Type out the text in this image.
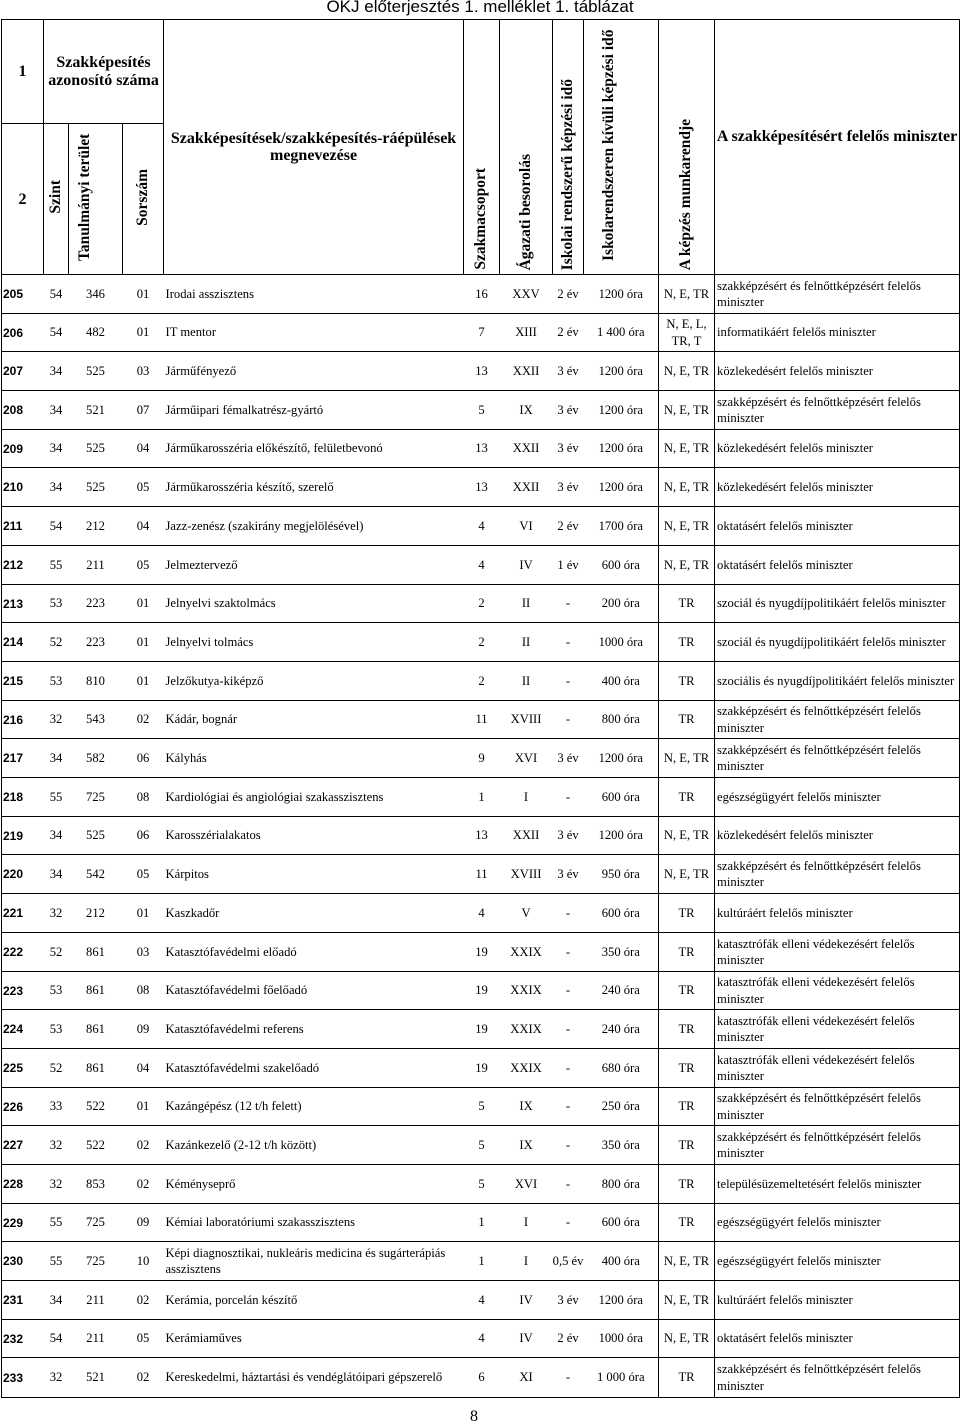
OKJ előterjesztés 1. melléklet 1. táblázat
1	Szakképesítés azonosító száma			Szakképesítések/szakképesítés-ráépülések megnevezése	Szakmacsoport	Ágazati besorolás	Iskolai rendszerű képzési idő	Iskolarendszeren kívüli képzési idő	A képzés munkarendje	A szakképesítésért felelős miniszter
2	Szint	Tanulmányi terület	Sorszám							
205	54	346	01	Irodai asszisztens	16	XXV	2 év	1200 óra	N, E, TR	szakképzésért és felnőttképzésért felelős miniszter
206	54	482	01	IT mentor	7	XIII	2 év	1 400 óra	N, E, L, TR, T	informatikáért felelős miniszter
207	34	525	03	Járműfényező	13	XXII	3 év	1200 óra	N, E, TR	közlekedésért felelős miniszter
208	34	521	07	Járműipari fémalkatrész-gyártó	5	IX	3 év	1200 óra	N, E, TR	szakképzésért és felnőttképzésért felelős miniszter
209	34	525	04	Járműkarosszéria előkészítő, felületbevonó	13	XXII	3 év	1200 óra	N, E, TR	közlekedésért felelős miniszter
210	34	525	05	Járműkarosszéria készítő, szerelő	13	XXII	3 év	1200 óra	N, E, TR	közlekedésért felelős miniszter
211	54	212	04	Jazz-zenész (szakirány megjelölésével)	4	VI	2 év	1700 óra	N, E, TR	oktatásért felelős miniszter
212	55	211	05	Jelmeztervező	4	IV	1 év	600 óra	N, E, TR	oktatásért felelős miniszter
213	53	223	01	Jelnyelvi szaktolmács	2	II	-	200 óra	TR	szociál és nyugdíjpolitikáért felelős miniszter
214	52	223	01	Jelnyelvi tolmács	2	II	-	1000 óra	TR	szociál és nyugdíjpolitikáért felelős miniszter
215	53	810	01	Jelzőkutya-kiképző	2	II	-	400 óra	TR	szociális és nyugdíjpolitikáért felelős miniszter
216	32	543	02	Kádár, bognár	11	XVIII	-	800 óra	TR	szakképzésért és felnőttképzésért felelős miniszter
217	34	582	06	Kályhás	9	XVI	3 év	1200 óra	N, E, TR	szakképzésért és felnőttképzésért felelős miniszter
218	55	725	08	Kardiológiai és angiológiai szakasszisztens	1	I	-	600 óra	TR	egészségügyért felelős miniszter
219	34	525	06	Karosszérialakatos	13	XXII	3 év	1200 óra	N, E, TR	közlekedésért felelős miniszter
220	34	542	05	Kárpitos	11	XVIII	3 év	950 óra	N, E, TR	szakképzésért és felnőttképzésért felelős miniszter
221	32	212	01	Kaszkadőr	4	V	-	600 óra	TR	kultúráért felelős miniszter
222	52	861	03	Katasztófavédelmi előadó	19	XXIX	-	350 óra	TR	katasztrófák elleni védekezésért felelős miniszter
223	53	861	08	Katasztófavédelmi főelőadó	19	XXIX	-	240 óra	TR	katasztrófák elleni védekezésért felelős miniszter
224	53	861	09	Katasztófavédelmi referens	19	XXIX	-	240 óra	TR	katasztrófák elleni védekezésért felelős miniszter
225	52	861	04	Katasztófavédelmi szakelőadó	19	XXIX	-	680 óra	TR	katasztrófák elleni védekezésért felelős miniszter
226	33	522	01	Kazángépész (12 t/h felett)	5	IX	-	250 óra	TR	szakképzésért és felnőttképzésért felelős miniszter
227	32	522	02	Kazánkezelő (2-12 t/h között)	5	IX	-	350 óra	TR	szakképzésért és felnőttképzésért felelős miniszter
228	32	853	02	Kéményseprő	5	XVI	-	800 óra	TR	településüzemeltetésért felelős miniszter
229	55	725	09	Kémiai laboratóriumi szakasszisztens	1	I	-	600 óra	TR	egészségügyért felelős miniszter
230	55	725	10	Képi diagnosztikai, nukleáris medicina és sugárterápiás asszisztens	1	I	0,5 év	400 óra	N, E, TR	egészségügyért felelős miniszter
231	34	211	02	Kerámia, porcelán készítő	4	IV	3 év	1200 óra	N, E, TR	kultúráért felelős miniszter
232	54	211	05	Kerámiaműves	4	IV	2 év	1000 óra	N, E, TR	oktatásért felelős miniszter
233	32	521	02	Kereskedelmi, háztartási és vendéglátóipari gépszerelő	6	XI	-	1 000 óra	TR	szakképzésért és felnőttképzésért felelős miniszter
8
